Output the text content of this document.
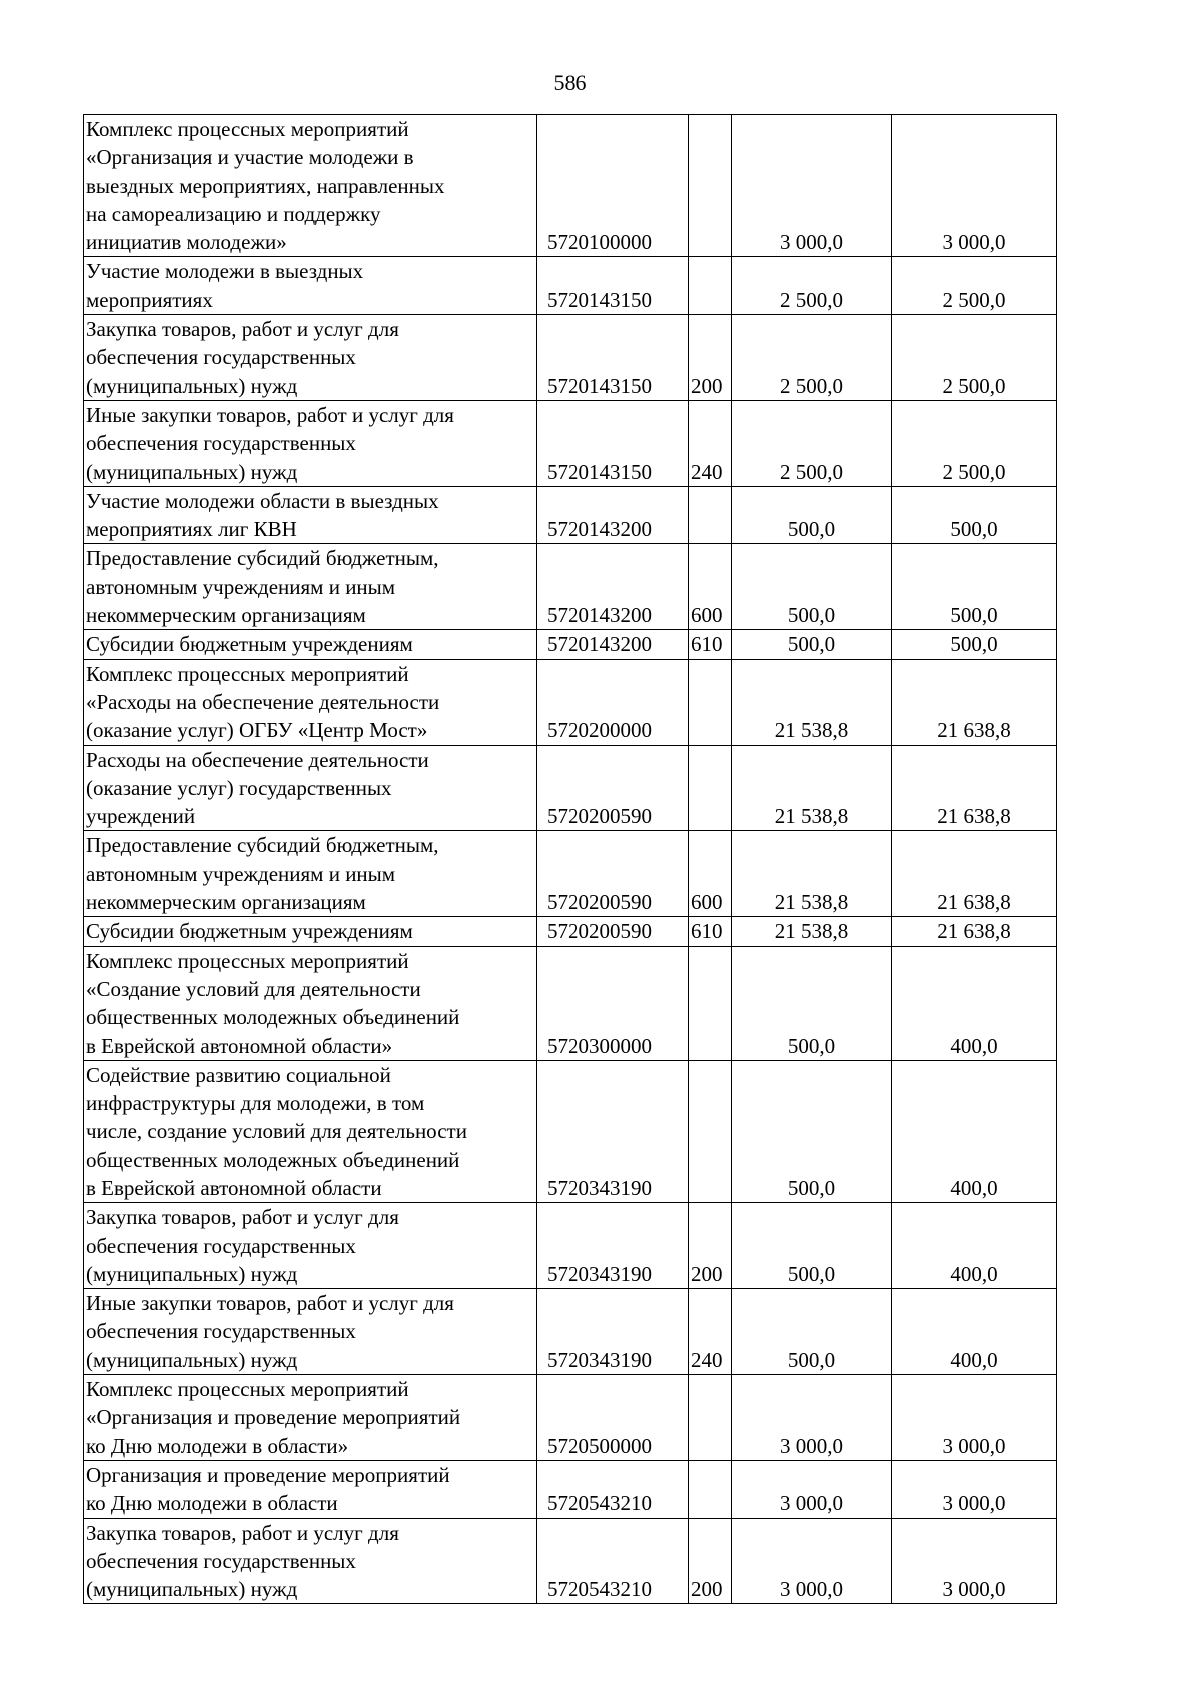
586
Комплекс процессных мероприятий
«Организация и участие молодежи в
выездных мероприятиях, направленных
на самореализацию и поддержку
инициатив молодежи»	5720100000		3 000,0	3 000,0
Участие молодежи в выездных
мероприятиях	5720143150		2 500,0	2 500,0
Закупка товаров, работ и услуг для
обеспечения государственных
(муниципальных) нужд	5720143150	200	2 500,0	2 500,0
Иные закупки товаров, работ и услуг для
обеспечения государственных
(муниципальных) нужд	5720143150	240	2 500,0	2 500,0
Участие молодежи области в выездных
мероприятиях лиг КВН	5720143200		500,0	500,0
Предоставление субсидий бюджетным,
автономным учреждениям и иным
некоммерческим организациям	5720143200	600	500,0	500,0
Субсидии бюджетным учреждениям	5720143200	610	500,0	500,0
Комплекс процессных мероприятий
«Расходы на обеспечение деятельности
(оказание услуг) ОГБУ «Центр Мост»	5720200000		21 538,8	21 638,8
Расходы на обеспечение деятельности
(оказание услуг) государственных
учреждений	5720200590		21 538,8	21 638,8
Предоставление субсидий бюджетным,
автономным учреждениям и иным
некоммерческим организациям	5720200590	600	21 538,8	21 638,8
Субсидии бюджетным учреждениям	5720200590	610	21 538,8	21 638,8
Комплекс процессных мероприятий
«Создание условий для деятельности
общественных молодежных объединений
в Еврейской автономной области»	5720300000		500,0	400,0
Содействие развитию социальной
инфраструктуры для молодежи, в том
числе, создание условий для деятельности
общественных молодежных объединений
в Еврейской автономной области	5720343190		500,0	400,0
Закупка товаров, работ и услуг для
обеспечения государственных
(муниципальных) нужд	5720343190	200	500,0	400,0
Иные закупки товаров, работ и услуг для
обеспечения государственных
(муниципальных) нужд	5720343190	240	500,0	400,0
Комплекс процессных мероприятий
«Организация и проведение мероприятий
ко Дню молодежи в области»	5720500000		3 000,0	3 000,0
Организация и проведение мероприятий
ко Дню молодежи в области	5720543210		3 000,0	3 000,0
Закупка товаров, работ и услуг для
обеспечения государственных
(муниципальных) нужд	5720543210	200	3 000,0	3 000,0
